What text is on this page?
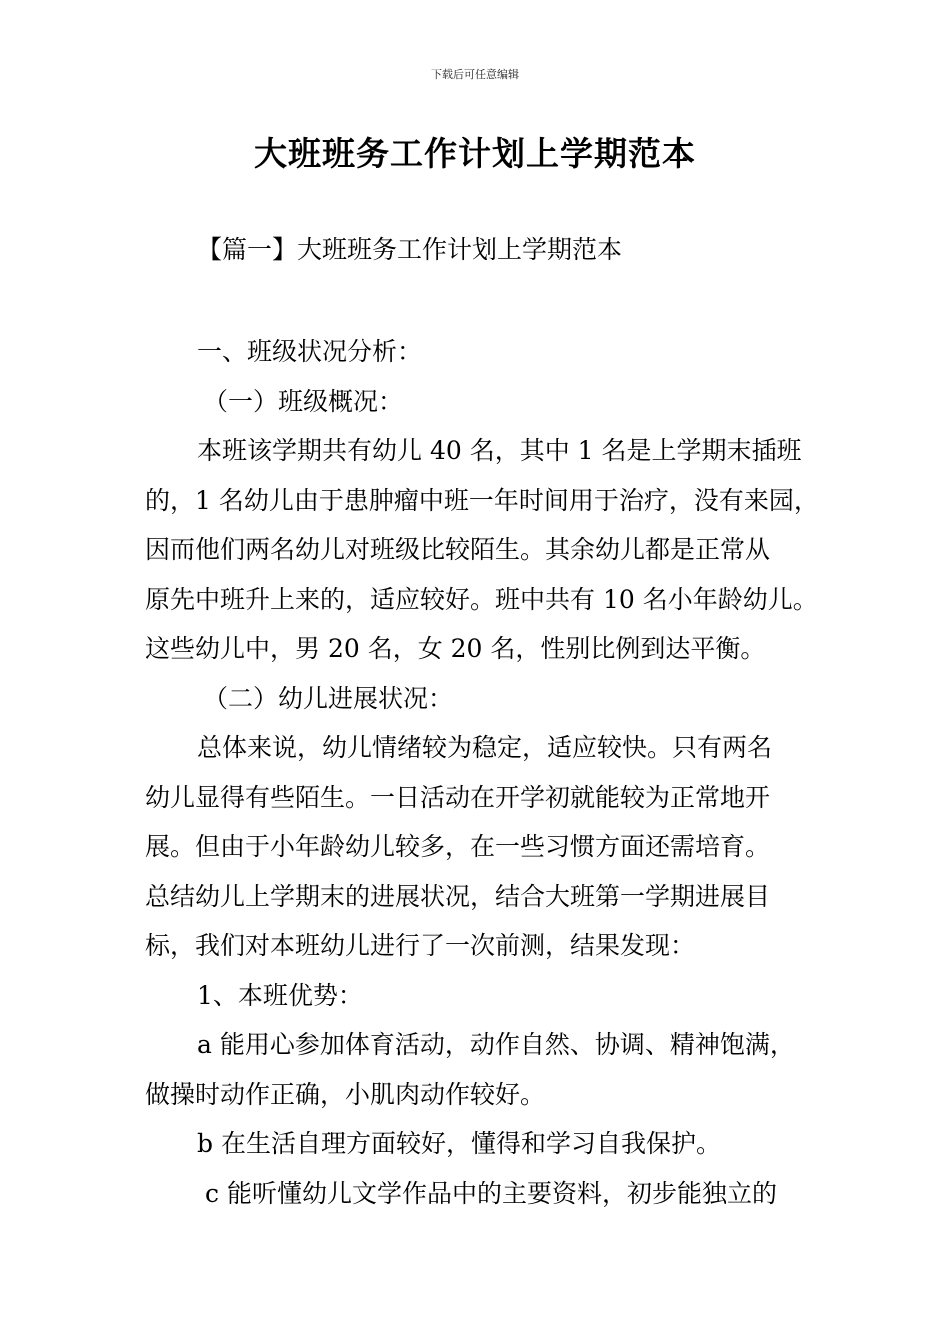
下载后可任意编辑
大班班务工作计划上学期范本
【篇一】大班班务工作计划上学期范本

一、班级状况分析：

（一）班级概况：

本班该学期共有幼儿 40 名，其中 1 名是上学期末插班

的，1 名幼儿由于患肿瘤中班一年时间用于治疗，没有来园，

因而他们两名幼儿对班级比较陌生。其余幼儿都是正常从

原先中班升上来的，适应较好。班中共有 10 名小年龄幼儿。

这些幼儿中，男 20 名，女 20 名，性别比例到达平衡。

（二）幼儿进展状况：

总体来说，幼儿情绪较为稳定，适应较快。只有两名

幼儿显得有些陌生。一日活动在开学初就能较为正常地开

展。但由于小年龄幼儿较多，在一些习惯方面还需培育。

总结幼儿上学期末的进展状况，结合大班第一学期进展目

标，我们对本班幼儿进行了一次前测，结果发现：

1、本班优势：

a 能用心参加体育活动，动作自然、协调、精神饱满，

做操时动作正确，小肌肉动作较好。

b 在生活自理方面较好，懂得和学习自我保护。

c 能听懂幼儿文学作品中的主要资料，初步能独立的
